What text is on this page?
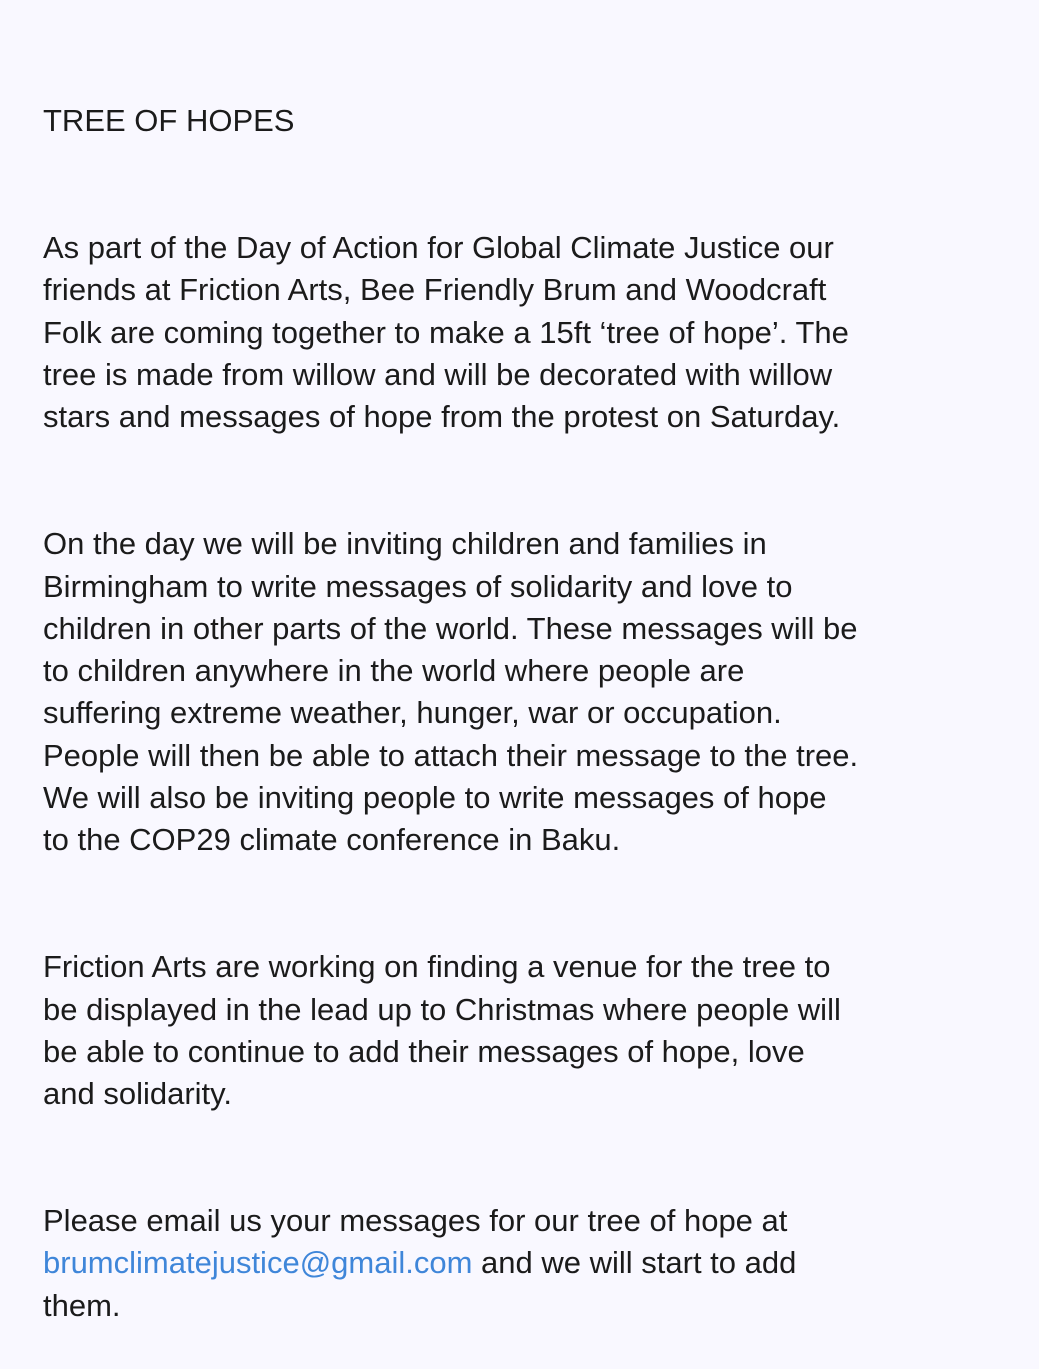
TREE OF HOPES

As part of the Day of Action for Global Climate Justice our
friends at Friction Arts, Bee Friendly Brum and Woodcraft
Folk are coming together to make a 15ft ‘tree of hope’. The
tree is made from willow and will be decorated with willow
stars and messages of hope from the protest on Saturday.

On the day we will be inviting children and families in
Birmingham to write messages of solidarity and love to
children in other parts of the world. These messages will be
to children anywhere in the world where people are
suffering extreme weather, hunger, war or occupation.
People will then be able to attach their message to the tree.
We will also be inviting people to write messages of hope
to the COP29 climate conference in Baku.

Friction Arts are working on finding a venue for the tree to
be displayed in the lead up to Christmas where people will
be able to continue to add their messages of hope, love
and solidarity.

Please email us your messages for our tree of hope at
brumclimatejustice@gmail.com and we will start to add
them.
